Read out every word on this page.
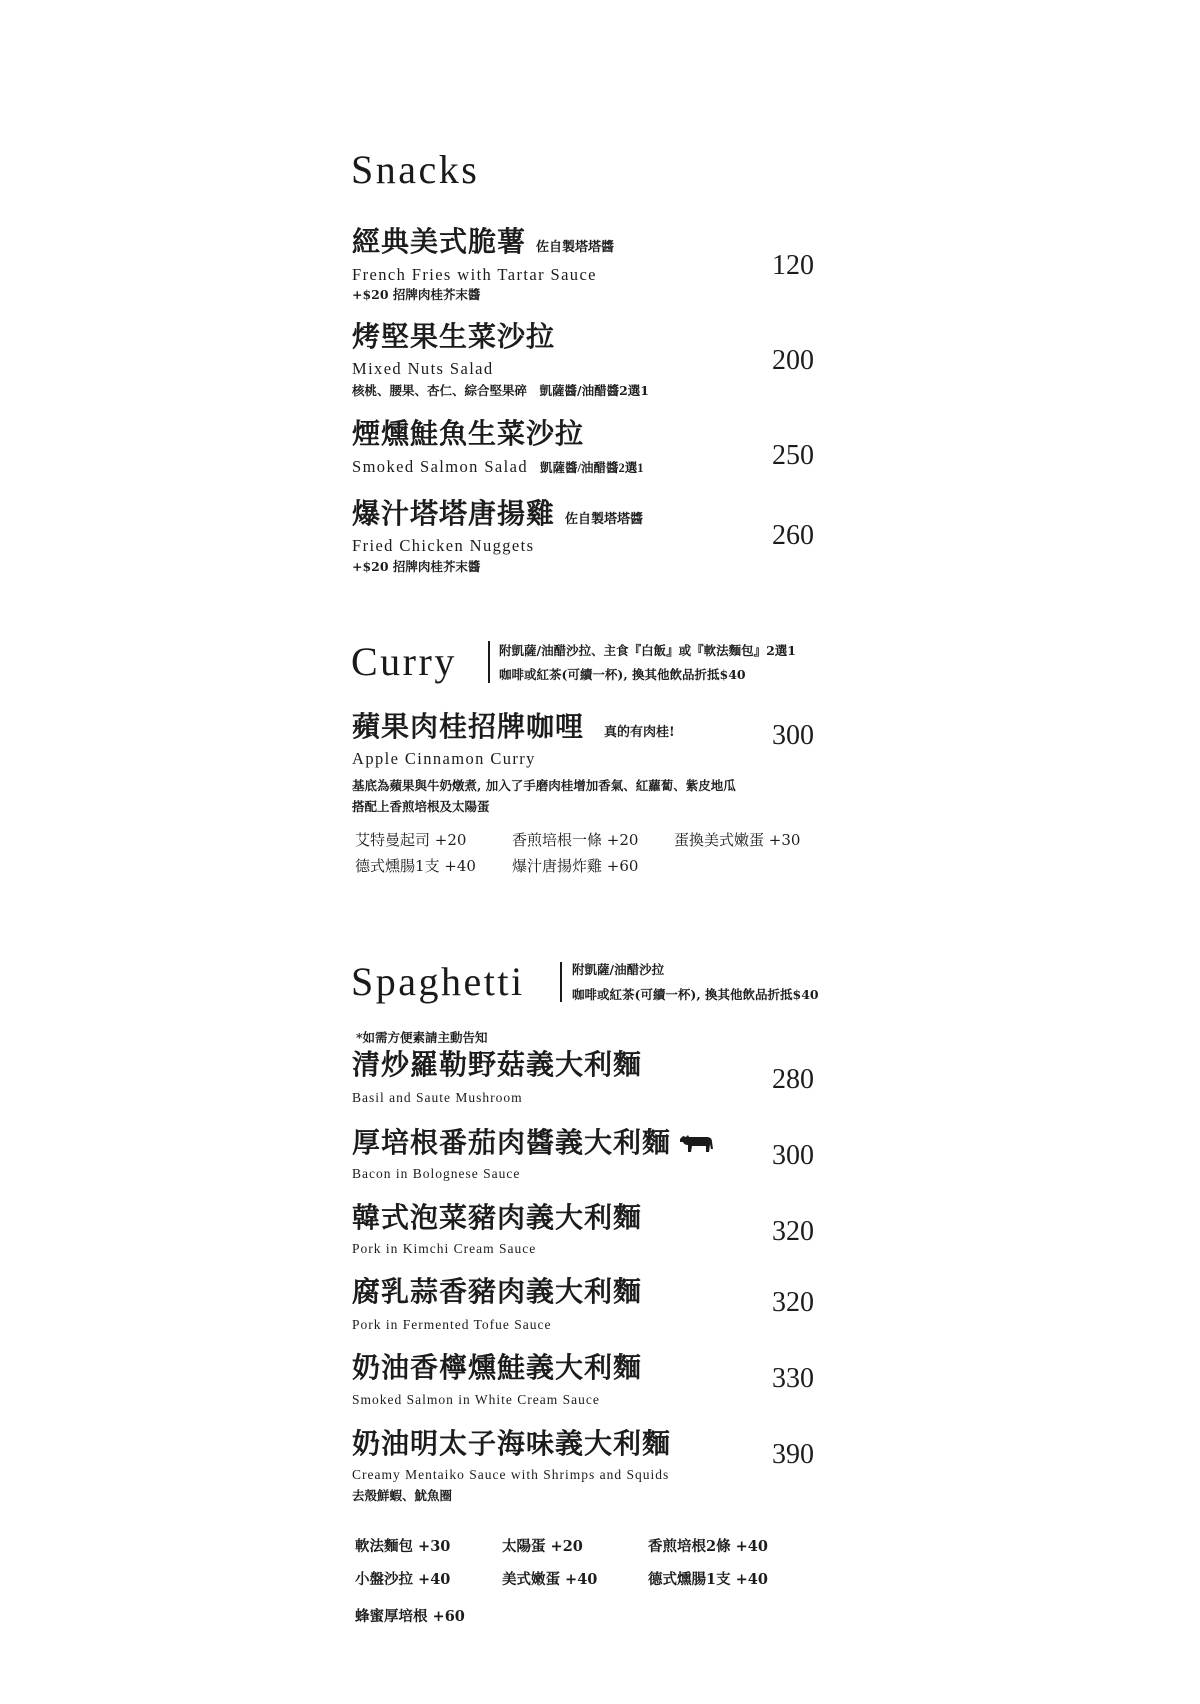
Snacks
經典美式脆薯 佐自製塔塔醬
French Fries with Tartar Sauce
+$20 招牌肉桂芥末醬
120
烤堅果生菜沙拉
Mixed Nuts Salad
核桃、腰果、杏仁、綜合堅果碎　凱薩醬/油醋醬2選1
200
煙燻鮭魚生菜沙拉
Smoked Salmon Salad 凱薩醬/油醋醬2選1	250
爆汁塔塔唐揚雞 佐自製塔塔醬
Fried Chicken Nuggets
+$20 招牌肉桂芥末醬
260
Curry	附凱薩/油醋沙拉、主食『白飯』或『軟法麵包』2選1
咖啡或紅茶(可續一杯), 換其他飲品折抵$40
蘋果肉桂招牌咖哩 真的有肉桂!
Apple Cinnamon Curry
300
基底為蘋果與牛奶燉煮, 加入了手磨肉桂增加香氣、紅蘿蔔、紫皮地瓜
搭配上香煎培根及太陽蛋
艾特曼起司 +20	香煎培根一條 +20 蛋換美式嫩蛋 +30
德式燻腸1支 +40 爆汁唐揚炸雞 +60
Spaghetti	附凱薩/油醋沙拉
咖啡或紅茶(可續一杯), 換其他飲品折抵$40
*如需方便素請主動告知
清炒羅勒野菇義大利麵
Basil and Saute Mushroom
280
厚培根番茄肉醬義大利麵
Bacon in Bolognese Sauce
300
韓式泡菜豬肉義大利麵
Pork in Kimchi Cream Sauce
320
腐乳蒜香豬肉義大利麵
Pork in Fermented Tofue Sauce
320
奶油香檸燻鮭義大利麵
Smoked Salmon in White Cream Sauce
330
奶油明太子海味義大利麵
Creamy Mentaiko Sauce with Shrimps and Squids
去殼鮮蝦、魷魚圈
390
軟法麵包 +30	太陽蛋 +20	香煎培根2條 +40
小盤沙拉 +40	美式嫩蛋 +40	德式燻腸1支 +40
蜂蜜厚培根 +60
